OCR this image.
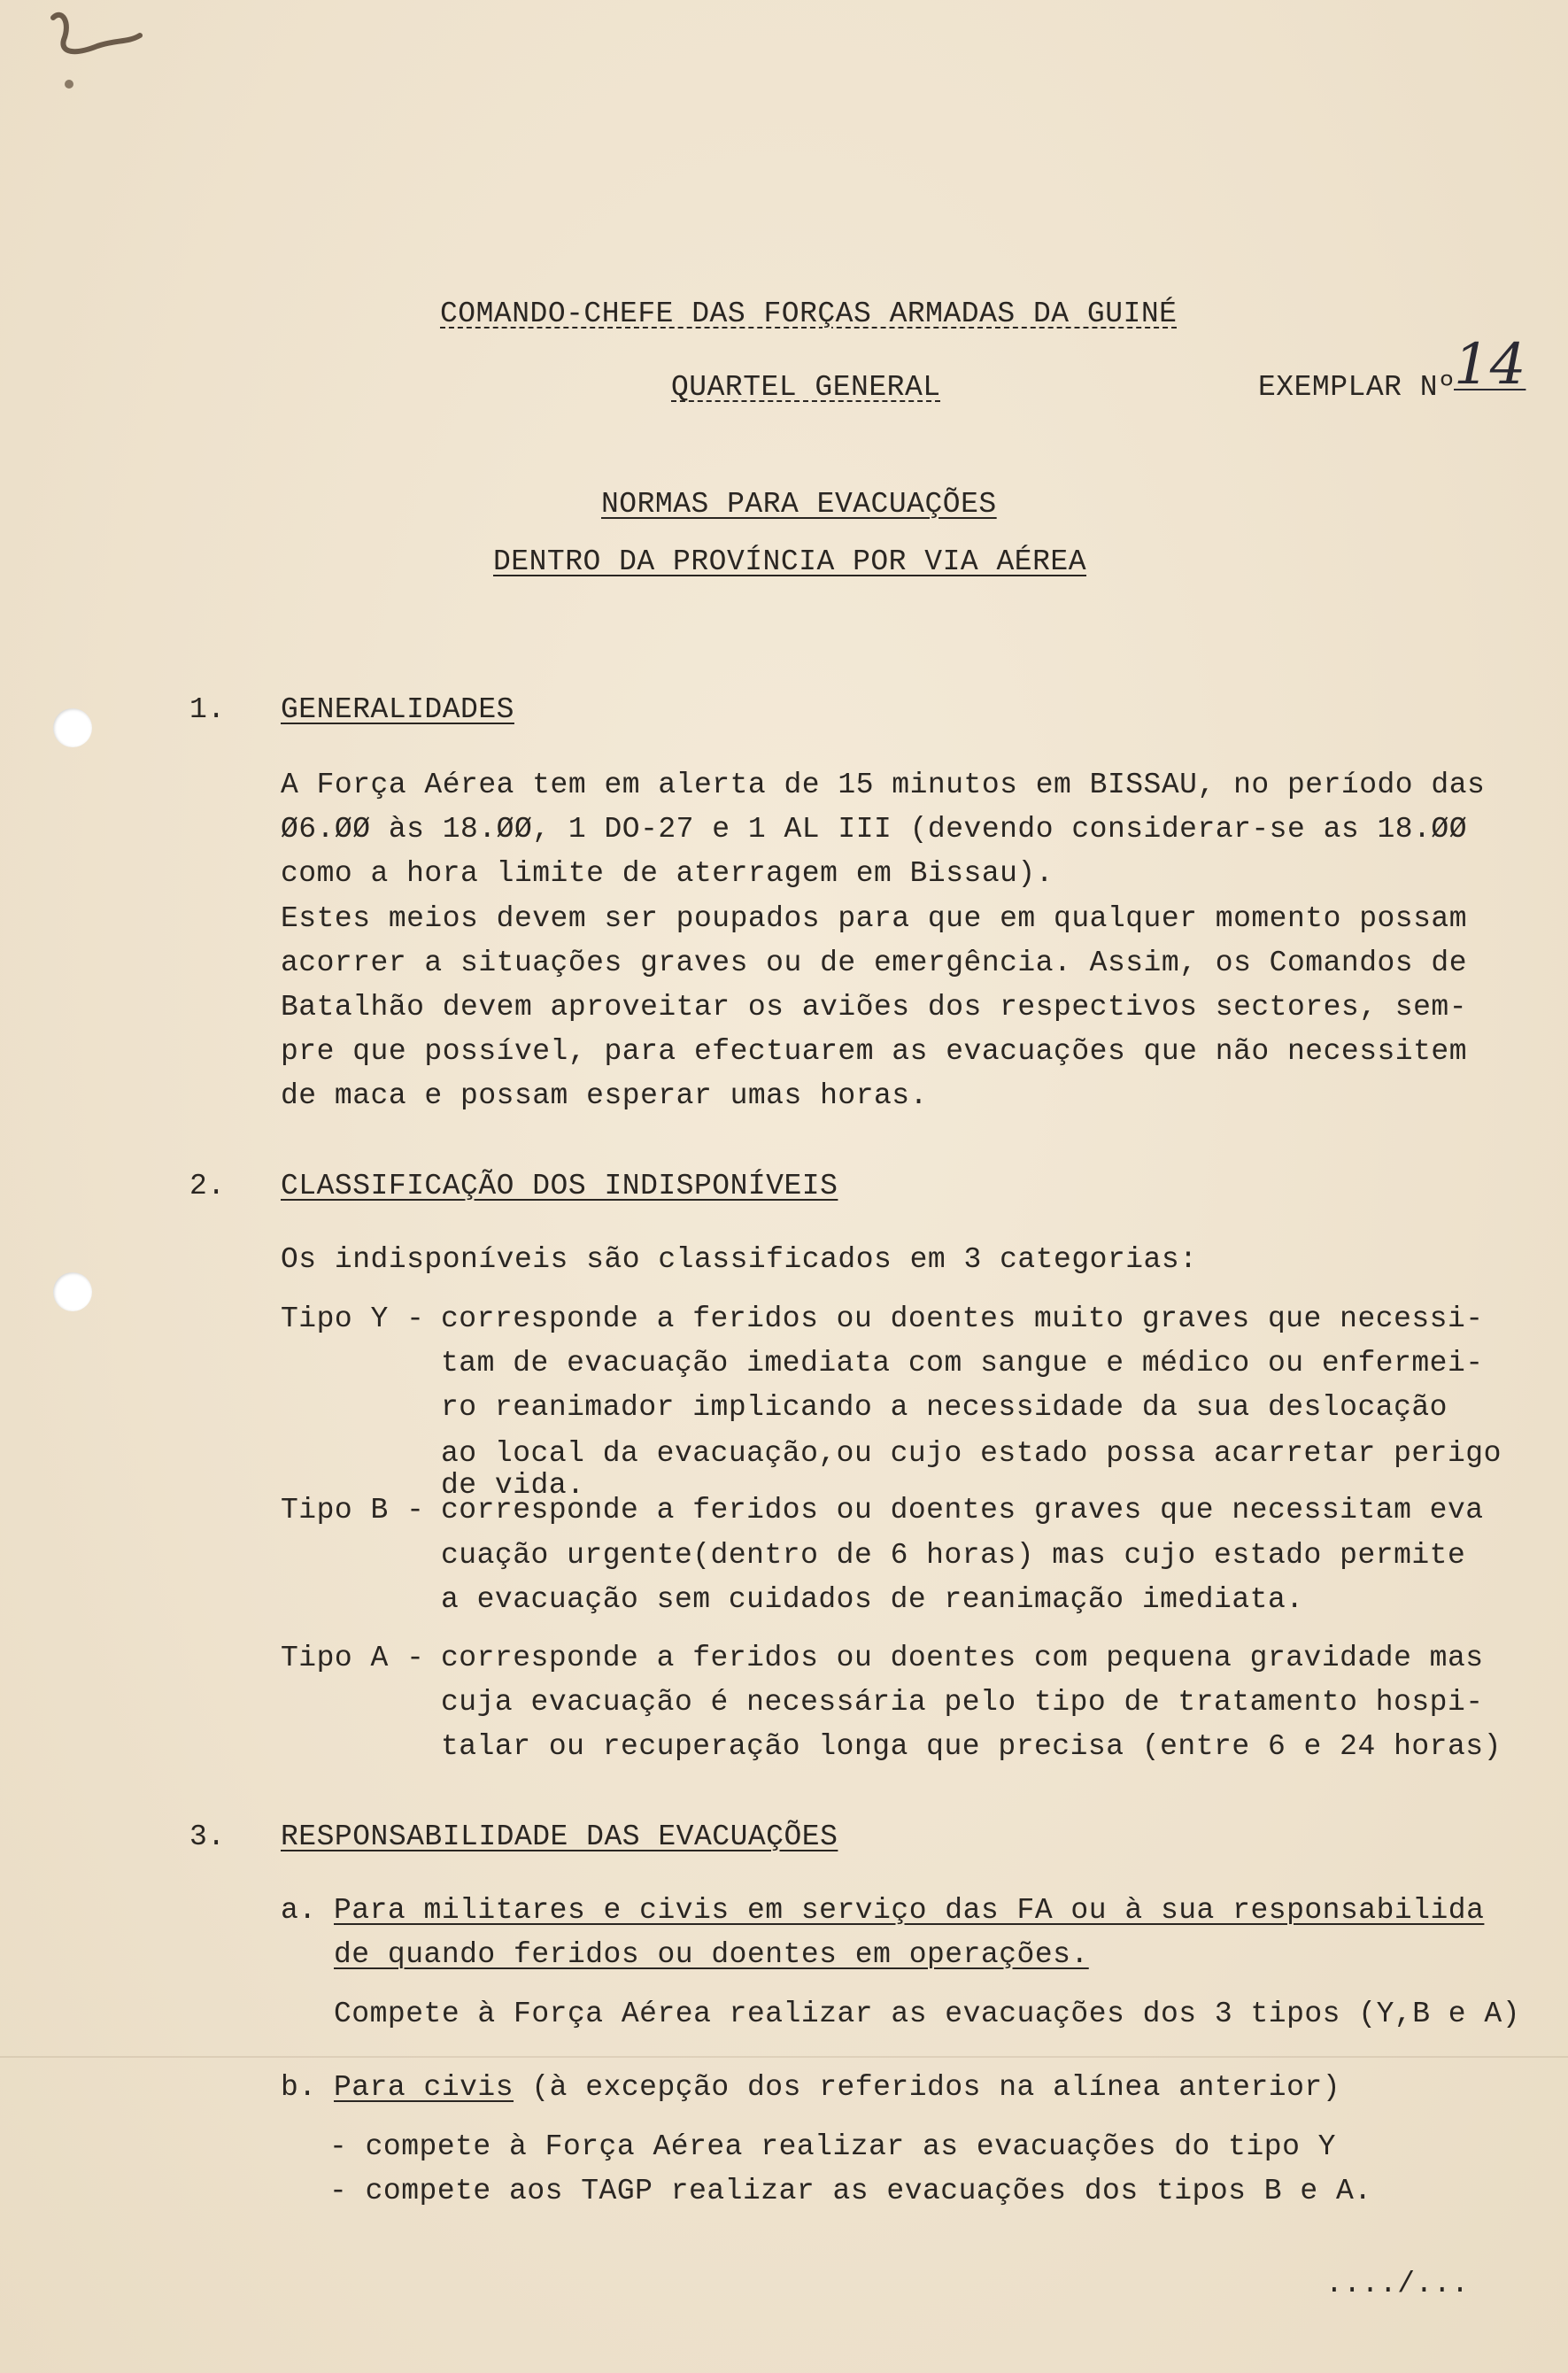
COMANDO-CHEFE DAS FORÇAS ARMADAS DA GUINÉ
QUARTEL GENERAL	EXEMPLAR Nº
14
NORMAS PARA EVACUAÇÕES
DENTRO DA PROVÍNCIA POR VIA AÉREA
1. GENERALIDADES
A Força Aérea tem em alerta de 15 minutos em BISSAU, no período das
Ø6.ØØ às 18.ØØ, 1 DO-27 e 1 AL III (devendo considerar-se as 18.ØØ
como a hora limite de aterragem em Bissau).
Estes meios devem ser poupados para que em qualquer momento possam
acorrer a situações graves ou de emergência. Assim, os Comandos de
Batalhão devem aproveitar os aviões dos respectivos sectores, sem-
pre que possível, para efectuarem as evacuações que não necessitem
de maca e possam esperar umas horas.
2. CLASSIFICAÇÃO DOS INDISPONÍVEIS
Os indisponíveis são classificados em 3 categorias:
Tipo Y - corresponde a feridos ou doentes muito graves que necessi-
tam de evacuação imediata com sangue e médico ou enfermei-
ro reanimador implicando a necessidade da sua deslocação
ao local da evacuação,ou cujo estado possa acarretar perigo
de vida.
Tipo B - corresponde a feridos ou doentes graves que necessitam eva
cuação urgente(dentro de 6 horas) mas cujo estado permite
a evacuação sem cuidados de reanimação imediata.
Tipo A - corresponde a feridos ou doentes com pequena gravidade mas
cuja evacuação é necessária pelo tipo de tratamento hospi-
talar ou recuperação longa que precisa (entre 6 e 24 horas)
3. RESPONSABILIDADE DAS EVACUAÇÕES
a. Para militares e civis em serviço das FA ou à sua responsabilida
de quando feridos ou doentes em operações.
Compete à Força Aérea realizar as evacuações dos 3 tipos (Y,B e A)
b. Para civis (à excepção dos referidos na alínea anterior)
- compete à Força Aérea realizar as evacuações do tipo Y
- compete aos TAGP realizar as evacuações dos tipos B e A.
..../...
